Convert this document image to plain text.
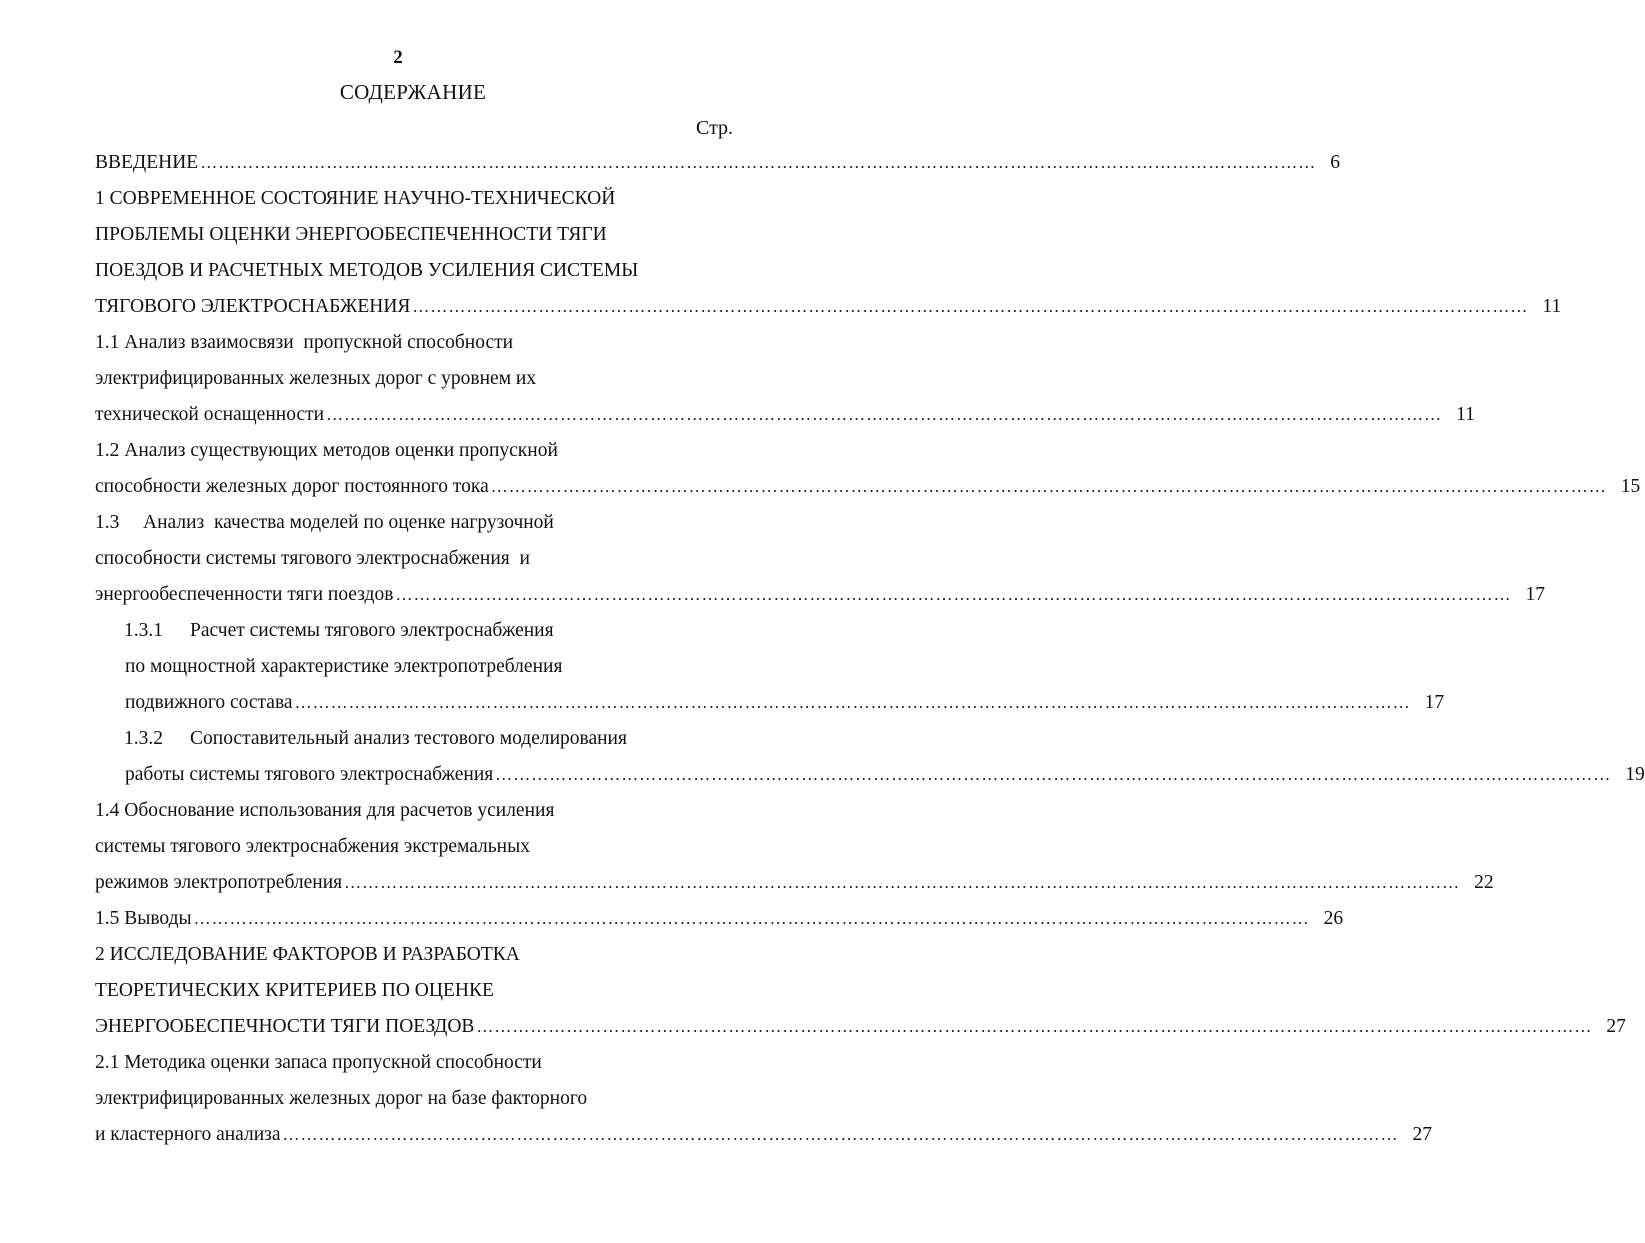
2
СОДЕРЖАНИЕ
Стр.
ВВЕДЕНИЕ …………………………………………………………………………………………………………………………………………………………………… 6
1 СОВРЕМЕННОЕ СОСТОЯНИЕ НАУЧНО-ТЕХНИЧЕСКОЙ
ПРОБЛЕМЫ ОЦЕНКИ ЭНЕРГООБЕСПЕЧЕННОСТИ ТЯГИ
ПОЕЗДОВ И РАСЧЕТНЫХ МЕТОДОВ УСИЛЕНИЯ СИСТЕМЫ
ТЯГОВОГО ЭЛЕКТРОСНАБЖЕНИЯ …………………………………………………………………………………………………………………………………………………………………… 11
1.1 Анализ взаимосвязи  пропускной способности
электрифицированных железных дорог с уровнем их
технической оснащенности …………………………………………………………………………………………………………………………………………………………………… 11
1.2 Анализ существующих методов оценки пропускной
способности железных дорог постоянного тока …………………………………………………………………………………………………………………………………………………………………… 15
1.3 Анализ  качества моделей по оценке нагрузочной
способности системы тягового электроснабжения  и
энергообеспеченности тяги поездов …………………………………………………………………………………………………………………………………………………………………… 17
1.3.1 Расчет системы тягового электроснабжения
по мощностной характеристике электропотребления
подвижного состава …………………………………………………………………………………………………………………………………………………………………… 17
1.3.2 Сопоставительный анализ тестового моделирования
работы системы тягового электроснабжения …………………………………………………………………………………………………………………………………………………………………… 19
1.4 Обоснование использования для расчетов усиления
системы тягового электроснабжения экстремальных
режимов электропотребления …………………………………………………………………………………………………………………………………………………………………… 22
1.5 Выводы …………………………………………………………………………………………………………………………………………………………………… 26
2 ИССЛЕДОВАНИЕ ФАКТОРОВ И РАЗРАБОТКА
ТЕОРЕТИЧЕСКИХ КРИТЕРИЕВ ПО ОЦЕНКЕ
ЭНЕРГООБЕСПЕЧНОСТИ ТЯГИ ПОЕЗДОВ …………………………………………………………………………………………………………………………………………………………………… 27
2.1 Методика оценки запаса пропускной способности
электрифицированных железных дорог на базе факторного
и кластерного анализа …………………………………………………………………………………………………………………………………………………………………… 27
